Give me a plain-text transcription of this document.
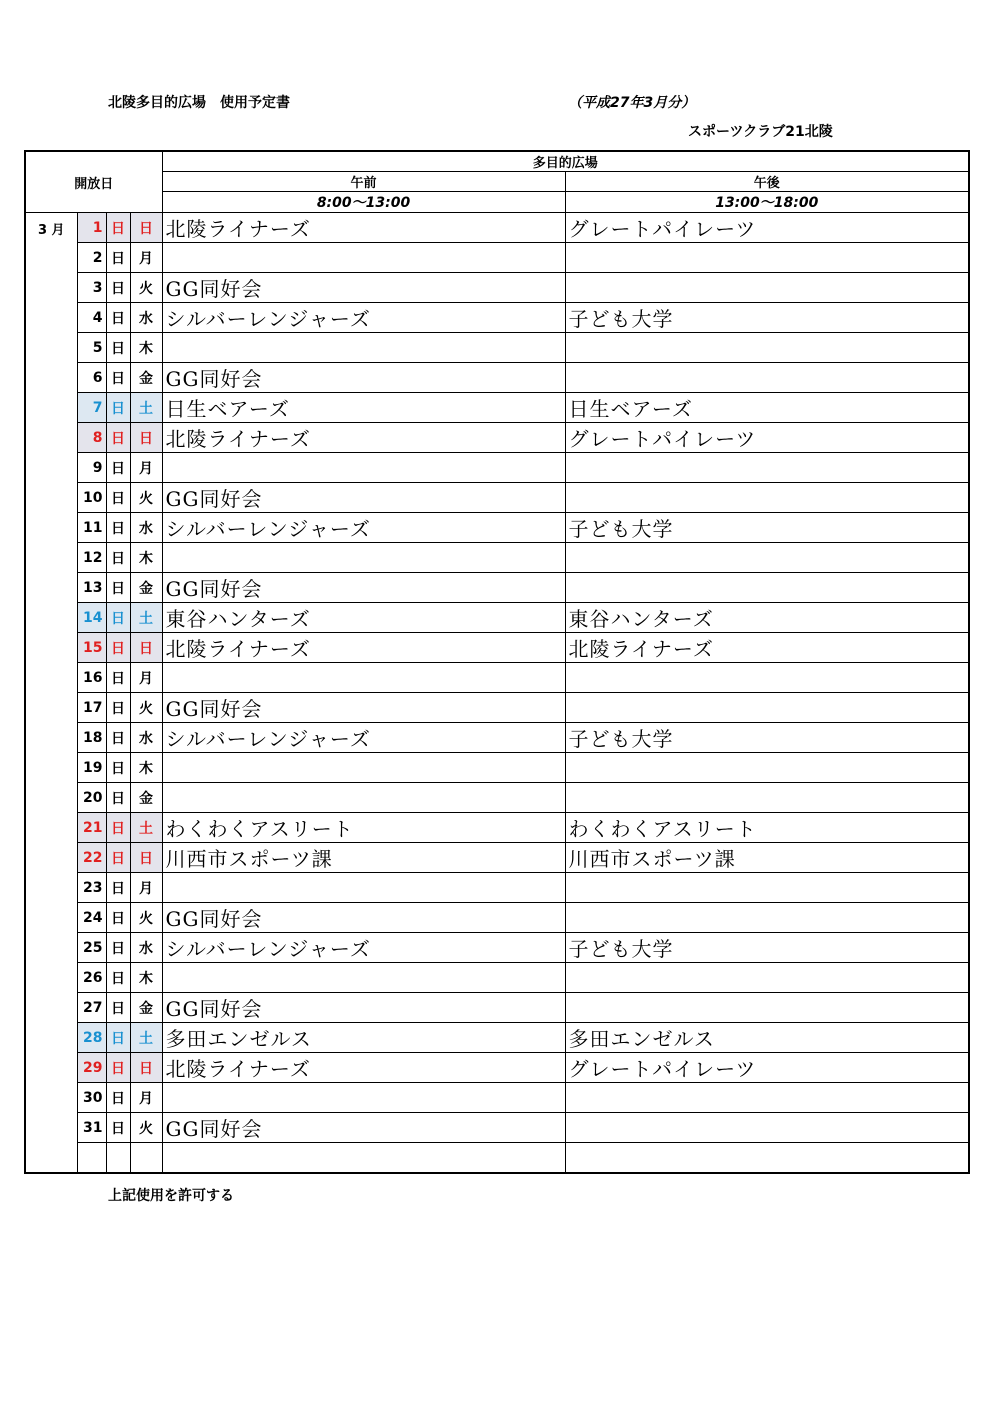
北陵多目的広場　使用予定書	（平成27年3月分）
スポーツクラブ21北陵
開放日				多目的広場	
				午前	午後
				8:00〜13:00	13:00〜18:00
3 月	1	日	日	北陵ライナーズ	グレートパイレーツ
	2	日	月		
	3	日	火	GG同好会	
	4	日	水	シルバーレンジャーズ	子ども大学
	5	日	木		
	6	日	金	GG同好会	
	7	日	土	日生ベアーズ	日生ベアーズ
	8	日	日	北陵ライナーズ	グレートパイレーツ
	9	日	月		
	10	日	火	GG同好会	
	11	日	水	シルバーレンジャーズ	子ども大学
	12	日	木		
	13	日	金	GG同好会	
	14	日	土	東谷ハンターズ	東谷ハンターズ
	15	日	日	北陵ライナーズ	北陵ライナーズ
	16	日	月		
	17	日	火	GG同好会	
	18	日	水	シルバーレンジャーズ	子ども大学
	19	日	木		
	20	日	金		
	21	日	土	わくわくアスリート	わくわくアスリート
	22	日	日	川西市スポーツ課	川西市スポーツ課
	23	日	月		
	24	日	火	GG同好会	
	25	日	水	シルバーレンジャーズ	子ども大学
	26	日	木		
	27	日	金	GG同好会	
	28	日	土	多田エンゼルス	多田エンゼルス
	29	日	日	北陵ライナーズ	グレートパイレーツ
	30	日	月		
	31	日	火	GG同好会	

上記使用を許可する
